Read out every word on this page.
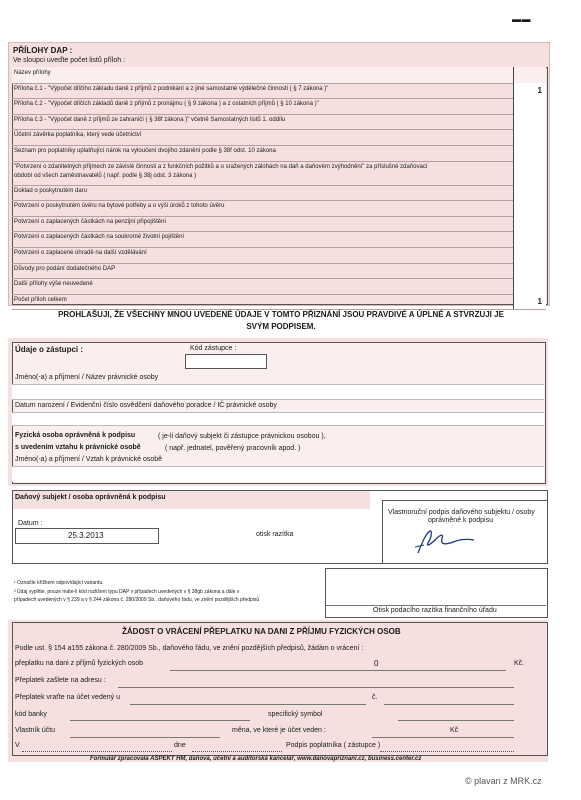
▬ ▬
PŘÍLOHY DAP :
Ve sloupci uveďte počet listů příloh :
Název přílohy
Příloha č.1 - "Výpočet dílčího základu daně z příjmů z podnikání a z jiné samostatné výdělečné činnosti ( § 7 zákona )"	1
Příloha č.2 - "Výpočet dílčích základů daně z příjmů z pronájmu ( § 9 zákona ) a z ostatních příjmů ( § 10 zákona )"
Příloha č.3 - "Výpočet daně z příjmů ze zahraničí ( § 38f zákona )" včetně Samostatných listů 1. oddílu
Účetní závěrka poplatníka, který vede účetnictví
Seznam pro poplatníky uplatňující nárok na vyloučení dvojího zdanění podle § 38f odst. 10 zákona
"Potvrzení o zdanitelných příjmech ze závislé činnosti a z funkčních požitků a o sražených zálohách na daň a daňovém zvýhodnění" za příslušné zdaňovací
období od všech zaměstnavatelů ( např. podle § 38j odst. 3 zákona )
Doklad o poskytnutém daru
Potvrzení o poskytnutém úvěru na bytové potřeby a o výši úroků z tohoto úvěru
Potvrzení o zaplacených částkách na penzijní připojištění
Potvrzení o zaplacených částkách na soukromé životní pojištění
Potvrzení o zaplacené úhradě na další vzdělávání
Důvody pro podání dodatečného DAP
Další přílohy výše neuvedené
Počet příloh celkem	1
PROHLAŠUJI, ŽE VŠECHNY MNOU UVEDENÉ ÚDAJE V TOMTO PŘIZNÁNÍ JSOU PRAVDIVÉ A ÚPLNÉ A STVRZUJI JE
SVÝM PODPISEM.
Údaje o zástupci :	Kód zástupce :
Jméno(-a) a příjmení / Název právnické osoby
Datum narození / Evidenční číslo osvědčení daňového poradce / IČ právnické osoby
Fyzická osoba oprávněná k podpisu	( je-li daňový subjekt či zástupce právnickou osobou ),
s uvedením vztahu k právnické osobě	( např. jednatel, pověřený pracovník apod. )
Jméno(-a) a příjmení / Vztah k právnické osobě
Daňový subjekt / osoba oprávněná k podpisu
Datum :
25.3.2013	otisk razítka
Vlastnoruční podpis daňového subjektu / osoby
oprávněné k podpisu
¹ Označte křížkem odpovídající variantu.
² Údaj vyplňte, pouze máte-li kód rozlišení typu DAP v případech uvedených v § 38gb zákona a dále v
případech uvedených v § 239 a v § 244 zákona č. 280/2009 Sb., daňového řádu, ve znění pozdějších předpisů
Otisk podacího razítka finančního úřadu
ŽÁDOST O VRÁCENÍ PŘEPLATKU NA DANI Z PŘÍJMU FYZICKÝCH OSOB
Podle ust. § 154 a155 zákona č. 280/2009 Sb., daňového řádu, ve znění pozdějších předpisů, žádám o vrácení :
přeplatku na dani z příjmů fyzických osob	0	Kč.
Přeplatek zašlete na adresu :
Přeplatek vraťte na účet vedený u	č.
kód banky	specifický symbol
Vlastník účtu	měna, ve které je účet veden :	Kč
V	dne	Podpis poplatníka ( zástupce )
Formulář zpracovala ASPEKT HM, daňová, účetní a auditorská kancelář, www.danovapriznani.cz, business.center.cz
© plavan z MRK.cz
